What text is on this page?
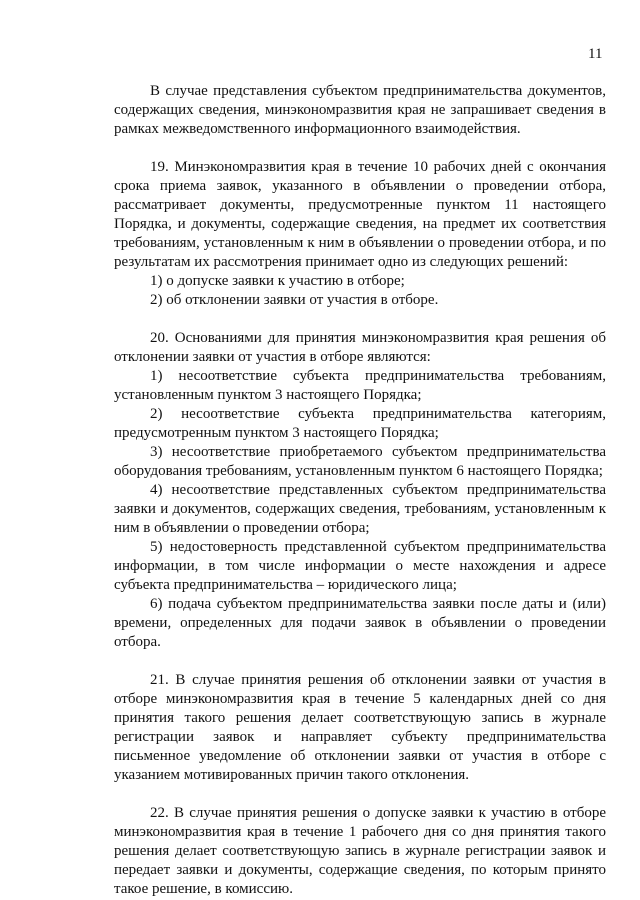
11

В случае представления субъектом предпринимательства документов, содержащих сведения, минэкономразвития края не запрашивает сведения в рамках межведомственного информационного взаимодействия.

19. Минэкономразвития края в течение 10 рабочих дней с окончания срока приема заявок, указанного в объявлении о проведении отбора, рассматривает документы, предусмотренные пунктом 11 настоящего Порядка, и документы, содержащие сведения, на предмет их соответствия требованиям, установленным к ним в объявлении о проведении отбора, и по результатам их рассмотрения принимает одно из следующих решений:

1) о допуске заявки к участию в отборе;

2) об отклонении заявки от участия в отборе.

20. Основаниями для принятия минэкономразвития края решения об отклонении заявки от участия в отборе являются:

1) несоответствие субъекта предпринимательства требованиям, установленным пунктом 3 настоящего Порядка;

2) несоответствие субъекта предпринимательства категориям, предусмотренным пунктом 3 настоящего Порядка;

3) несоответствие приобретаемого субъектом предпринимательства оборудования требованиям, установленным пунктом 6 настоящего Порядка;

4) несоответствие представленных субъектом предпринимательства заявки и документов, содержащих сведения, требованиям, установленным к ним в объявлении о проведении отбора;

5) недостоверность представленной субъектом предпринимательства информации, в том числе информации о месте нахождения и адресе субъекта предпринимательства – юридического лица;

6) подача субъектом предпринимательства заявки после даты и (или) времени, определенных для подачи заявок в объявлении о проведении отбора.

21. В случае принятия решения об отклонении заявки от участия в отборе минэкономразвития края в течение 5 календарных дней со дня принятия такого решения делает соответствующую запись в журнале регистрации заявок и направляет субъекту предпринимательства письменное уведомление об отклонении заявки от участия в отборе с указанием мотивированных причин такого отклонения.

22. В случае принятия решения о допуске заявки к участию в отборе минэкономразвития края в течение 1 рабочего дня со дня принятия такого решения делает соответствующую запись в журнале регистрации заявок и передает заявки и документы, содержащие сведения, по которым принято такое решение, в комиссию.
